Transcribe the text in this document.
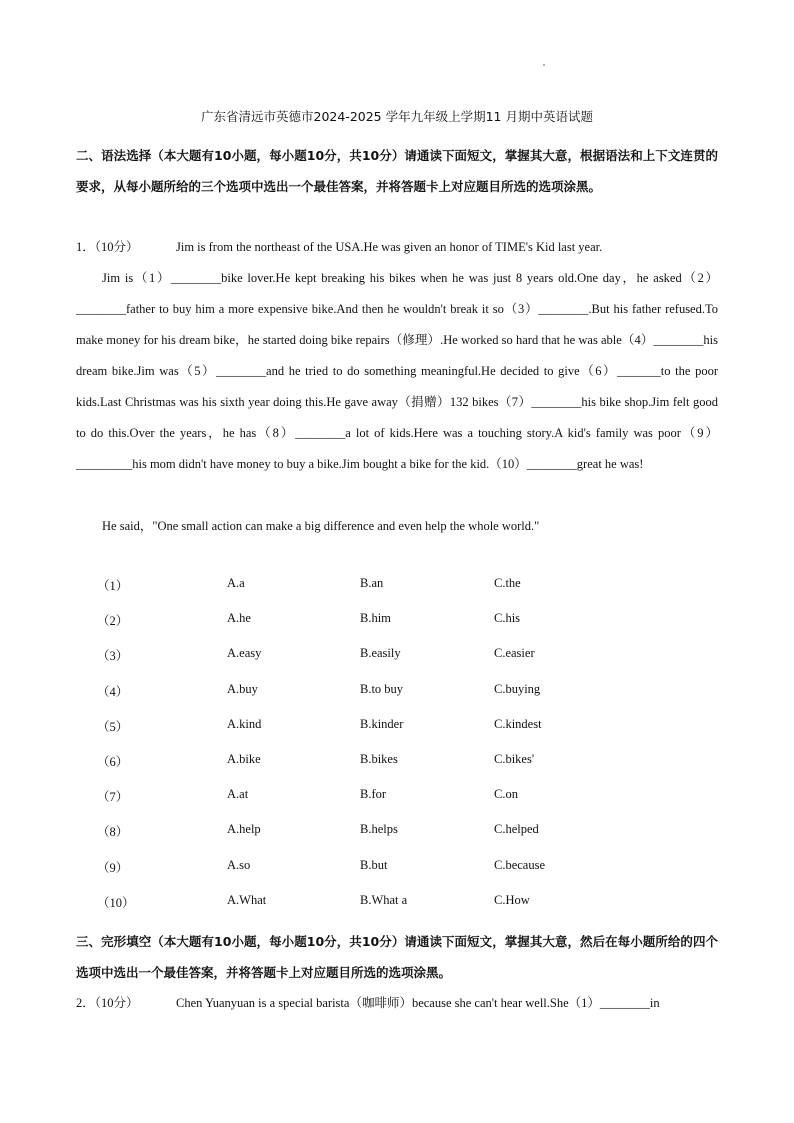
广东省清远市英德市2024-2025 学年九年级上学期11 月期中英语试题
二、语法选择（本大题有10小题，每小题10分，共10分）请通读下面短文，掌握其大意，根据语法和上下文连贯的要求，从每小题所给的三个选项中选出一个最佳答案，并将答题卡上对应题目所选的选项涂黑。
1．（10分）	Jim is from the northeast of the USA.He was given an honor of TIME's Kid last year.
Jim is（1）________bike lover.He kept breaking his bikes when he was just 8 years old.One day，he asked（2）________father to buy him a more expensive bike.And then he wouldn't break it so（3）________.But his father refused.To make money for his dream bike，he started doing bike repairs（修理）.He worked so hard that he was able（4）________his dream bike.Jim was（5）________and he tried to do something meaningful.He decided to give（6）_______to the poor kids.Last Christmas was his sixth year doing this.He gave away（捐赠）132 bikes（7）________his bike shop.Jim felt good to do this.Over the years，he has（8）________a lot of kids.Here was a touching story.A kid's family was poor（9）_________his mom didn't have money to buy a bike.Jim bought a bike for the kid.（10）________great he was!
He said，"One small action can make a big difference and even help the whole world."
（1）	A.a	B.an	C.the
（2）	A.he	B.him	C.his
（3）	A.easy	B.easily	C.easier
（4）	A.buy	B.to buy	C.buying
（5）	A.kind	B.kinder	C.kindest
（6）	A.bike	B.bikes	C.bikes'
（7）	A.at	B.for	C.on
（8）	A.help	B.helps	C.helped
（9）	A.so	B.but	C.because
（10）	A.What	B.What a	C.How
三、完形填空（本大题有10小题，每小题10分，共10分）请通读下面短文，掌握其大意，然后在每小题所给的四个选项中选出一个最佳答案，并将答题卡上对应题目所选的选项涂黑。
2．（10分）	Chen Yuanyuan is a special barista（咖啡师）because she can't hear well.She（1）________in
